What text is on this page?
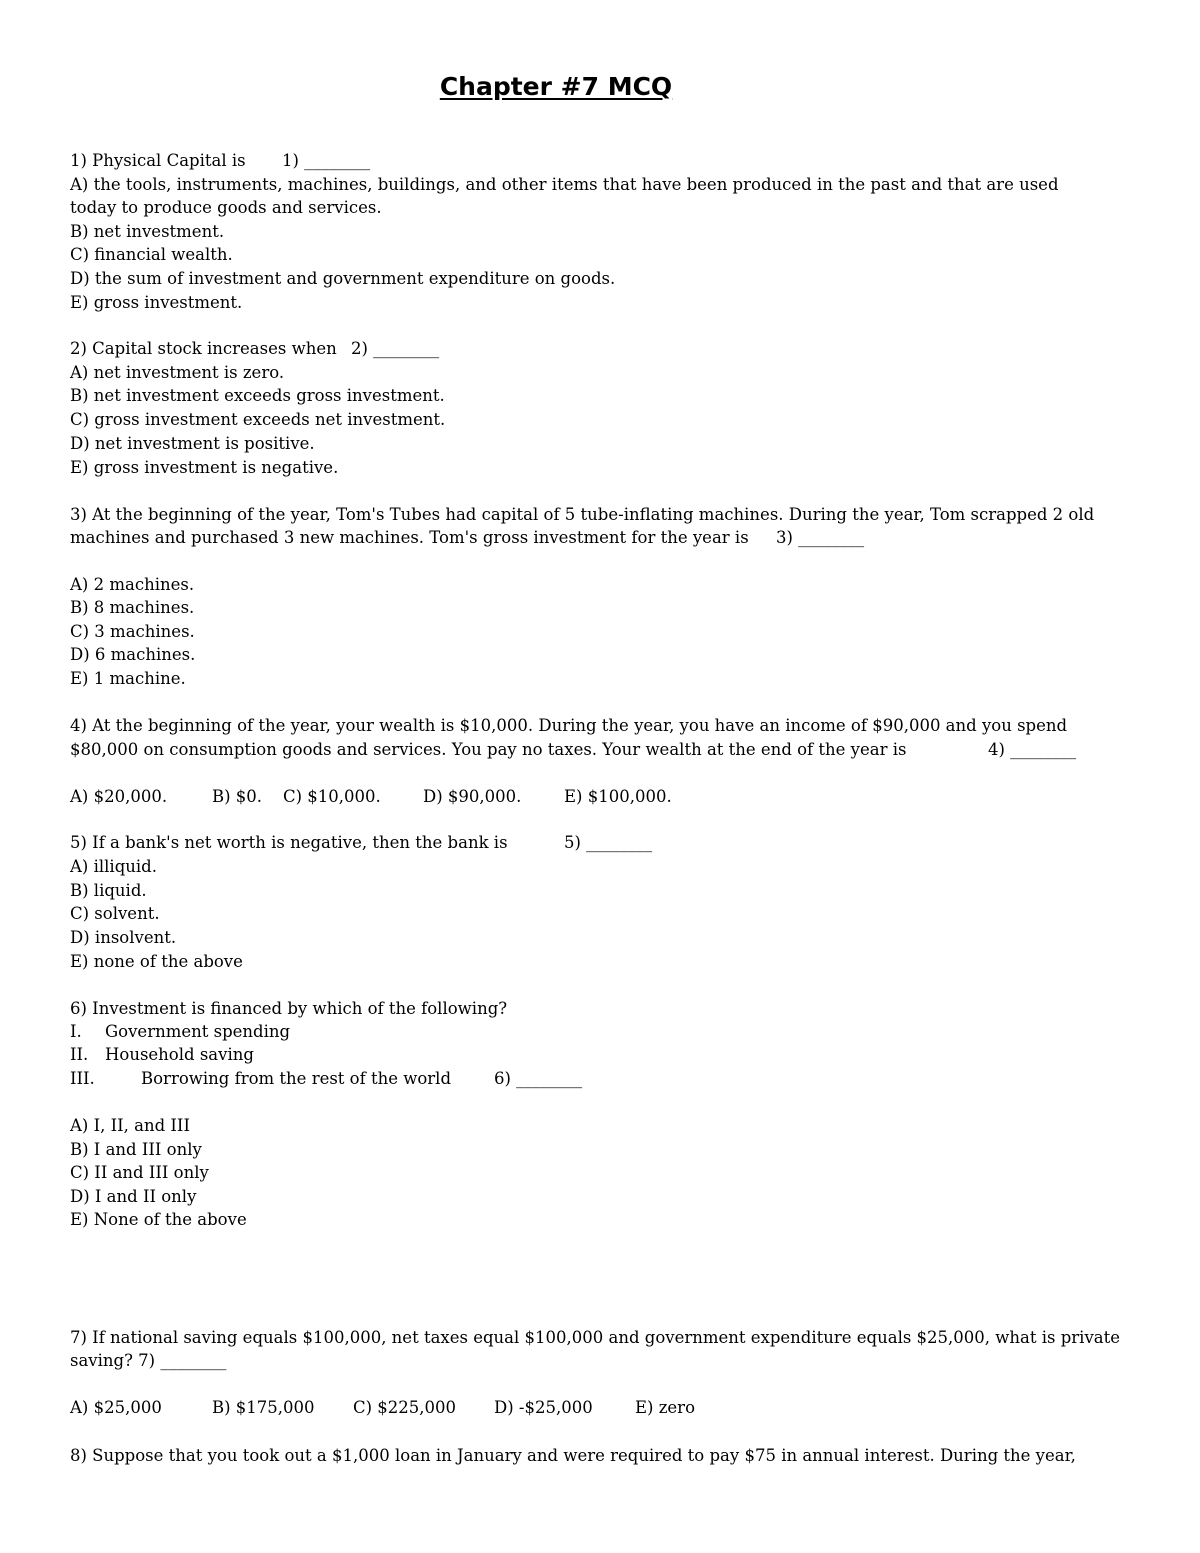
Chapter #7 MCQ
1) Physical Capital is 1) ________
A) the tools, instruments, machines, buildings, and other items that have been produced in the past and that are used
today to produce goods and services.
B) net investment.
C) financial wealth.
D) the sum of investment and government expenditure on goods.
E) gross investment.
2) Capital stock increases when 2) ________
A) net investment is zero.
B) net investment exceeds gross investment.
C) gross investment exceeds net investment.
D) net investment is positive.
E) gross investment is negative.
3) At the beginning of the year, Tom's Tubes had capital of 5 tube-inflating machines. During the year, Tom scrapped 2 old
machines and purchased 3 new machines. Tom's gross investment for the year is 3) ________
A) 2 machines.
B) 8 machines.
C) 3 machines.
D) 6 machines.
E) 1 machine.
4) At the beginning of the year, your wealth is $10,000. During the year, you have an income of $90,000 and you spend
$80,000 on consumption goods and services. You pay no taxes. Your wealth at the end of the year is	4) ________
A) $20,000.	B) $0. C) $10,000.	D) $90,000.	E) $100,000.
5) If a bank's net worth is negative, then the bank is	5) ________
A) illiquid.
B) liquid.
C) solvent.
D) insolvent.
E) none of the above
6) Investment is financed by which of the following?
I. Government spending
II. Household saving
III.	Borrowing from the rest of the world	6) ________
A) I, II, and III
B) I and III only
C) II and III only
D) I and II only
E) None of the above
7) If national saving equals $100,000, net taxes equal $100,000 and government expenditure equals $25,000, what is private
saving? 7) ________
A) $25,000	B) $175,000 C) $225,000 D) -$25,000	E) zero
8) Suppose that you took out a $1,000 loan in January and were required to pay $75 in annual interest. During the year,
